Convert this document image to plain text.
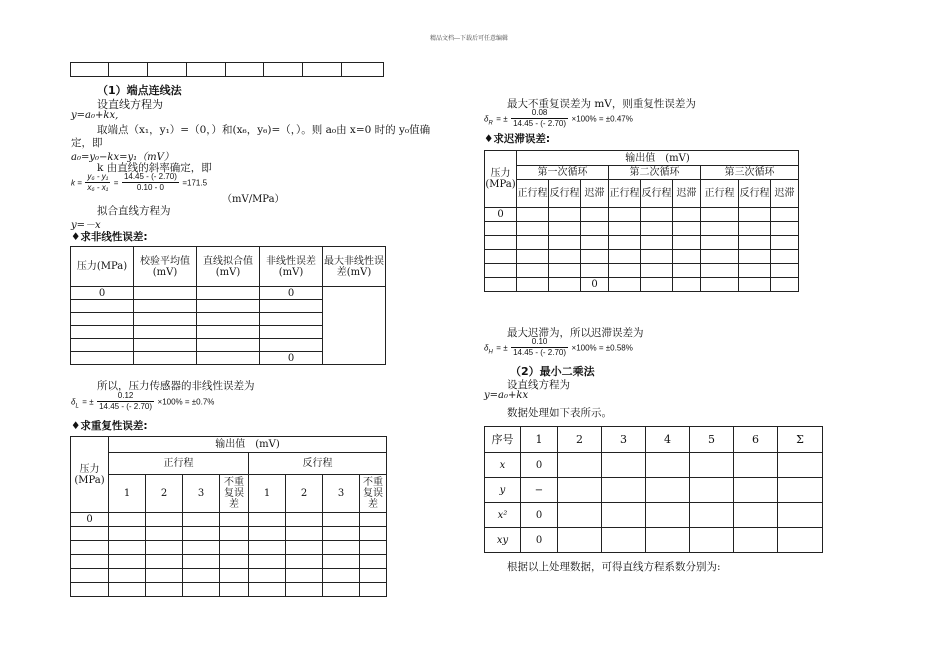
精品文档---下载后可任意编辑

（1）端点连线法
设直线方程为
y=a₀+kx,
取端点（x₁，y₁）=（0，）和(x₆，y₆)=（，）。则 a₀由 x=0 时的 y₀值确
定，即
a₀=y₀−kx=y₁（mV）
k 由直线的斜率确定，即
$k = \frac{\text{y₆ - y₁}}{\text{x₆ - x₁}} = \frac{14.45 - (- 2.70)}{0.10 - 0} =171.5$
（mV/MPa）
拟合直线方程为
y=－x
♦求非线性误差:
压力(MPa)	校验平均值(mV)	直线拟合值(mV)	非线性误差(mV)	最大非线性误差(mV)
0			0	

			0	
所以，压力传感器的非线性误差为
$\delta_L$ = ± $\frac{0.12}{14.45 - (- 2.70)} \times 100\% = \pm 0.7\%$
♦求重复性误差:
压力(MPa)	输出值　(mV)							
	正行程				反行程			
	1	2	3	不重复误差	1	2	3	不重复误差
0								

最大不重复误差为 mV，则重复性误差为
$\delta_R$ = ± $\frac{0.08}{14.45 - (- 2.70)} \times 100\% = \pm 0.47\%$
♦求迟滞误差:
压力(MPa)	输出值　(mV)								
	第一次循环			第二次循环			第三次循环		
	正行程	反行程	迟滞	正行程	反行程	迟滞	正行程	反行程	迟滞
0									

			0						
最大迟滞为，所以迟滞误差为
$\delta_H$ = ± $\frac{0.10}{14.45 - (- 2.70)} \times 100\% = \pm 0.58\%$
（2）最小二乘法
设直线方程为
y=a₀+kx
数据处理如下表所示。
序号	1	2	3	4	5	6	Σ
x	0						
y	−						
x²	0						
xy	0						
根据以上处理数据，可得直线方程系数分别为:
